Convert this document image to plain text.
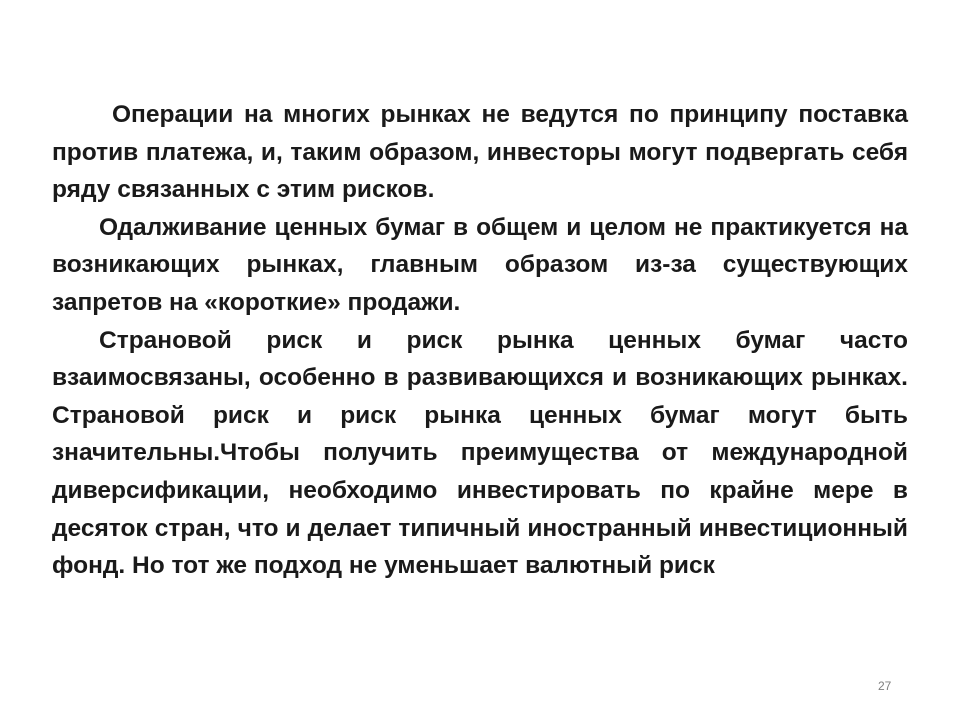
Операции на многих рынках не ведутся по принципу поставка против платежа, и, таким образом, инвесторы могут подвергать себя ряду связанных с этим рисков.

Одалживание ценных бумаг в общем и целом не практикуется на возникающих рынках, главным образом из-за существующих запретов на «короткие» продажи.

Страновой риск и риск рынка ценных бумаг часто взаимосвязаны, особенно в развивающихся и возникающих рынках. Страновой риск и риск рынка ценных бумаг могут быть значительны.Чтобы получить преимущества от международной диверсификации, необходимо инвестировать по крайне мере в десяток стран, что и делает типичный иностранный инвестиционный фонд. Но тот же подход не уменьшает валютный риск

27
